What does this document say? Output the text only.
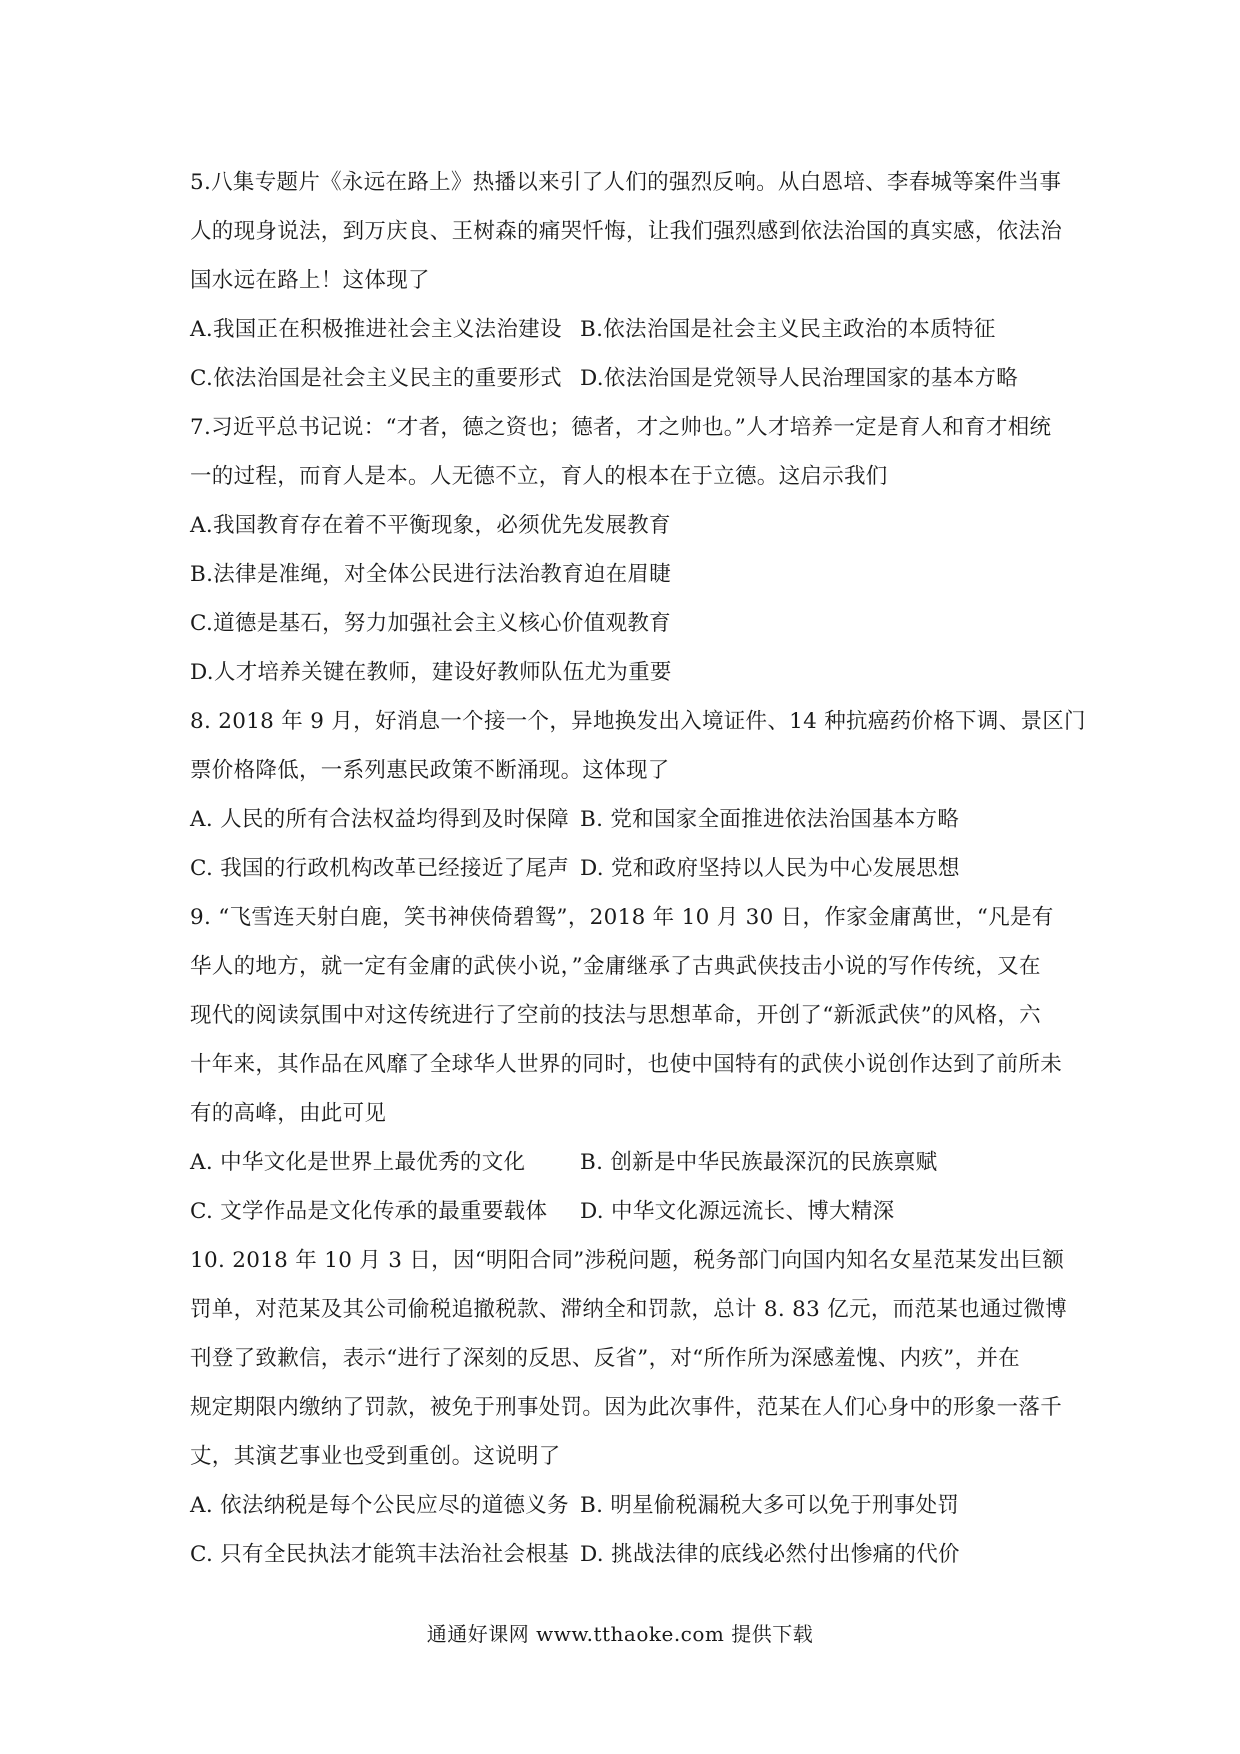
5.八集专题片《永远在路上》热播以来引了人们的强烈反响。从白恩培、李春城等案件当事
人的现身说法，到万庆良、王树森的痛哭忏悔，让我们强烈感到依法治国的真实感，依法治
国水远在路上！这体现了
A.我国正在积极推进社会主义法治建设 B.依法治国是社会主义民主政治的本质特征
C.依法治国是社会主义民主的重要形式 D.依法治国是党领导人民治理国家的基本方略
7.习近平总书记说：“才者，德之资也；德者，才之帅也。”人才培养一定是育人和育才相统
一的过程，而育人是本。人无德不立，育人的根本在于立德。这启示我们
A.我国教育存在着不平衡现象，必须优先发展教育
B.法律是准绳，对全体公民进行法治教育迫在眉睫
C.道德是基石，努力加强社会主义核心价值观教育
D.人才培养关键在教师，建设好教师队伍尤为重要
8. 2018 年 9 月，好消息一个接一个，异地换发出入境证件、14 种抗癌药价格下调、景区门
票价格降低，一系列惠民政策不断涌现。这体现了
A. 人民的所有合法权益均得到及时保障 B. 党和国家全面推进依法治国基本方略
C. 我国的行政机构改革已经接近了尾声 D. 党和政府坚持以人民为中心发展思想
9. “飞雪连天射白鹿，笑书神侠倚碧鸳”，2018 年 10 月 30 日，作家金庸萬世，“凡是有
华人的地方，就一定有金庸的武侠小说，”金庸继承了古典武侠技击小说的写作传统，又在
现代的阅读氛围中对这传统进行了空前的技法与思想革命，开创了“新派武侠”的风格，六
十年来，其作品在风靡了全球华人世界的同时，也使中国特有的武侠小说创作达到了前所未
有的高峰，由此可见
A. 中华文化是世界上最优秀的文化	B. 创新是中华民族最深沉的民族禀赋
C. 文学作品是文化传承的最重要载体	D. 中华文化源远流长、博大精深
10. 2018 年 10 月 3 日，因“明阳合同”涉税问题，税务部门向国内知名女星范某发出巨额
罚单，对范某及其公司偷税追撤税款、滞纳全和罚款，总计 8. 83 亿元，而范某也通过微博
刊登了致歉信，表示“进行了深刻的反思、反省”，对“所作所为深感羞愧、内疚”，并在
规定期限内缴纳了罚款，被免于刑事处罚。因为此次事件，范某在人们心身中的形象一落千
丈，其演艺事业也受到重创。这说明了
A. 依法纳税是每个公民应尽的道德义务 B. 明星偷税漏税大多可以免于刑事处罚
C. 只有全民执法才能筑丰法治社会根基 D. 挑战法律的底线必然付出惨痛的代价
通通好课网 www.tthaoke.com 提供下载
